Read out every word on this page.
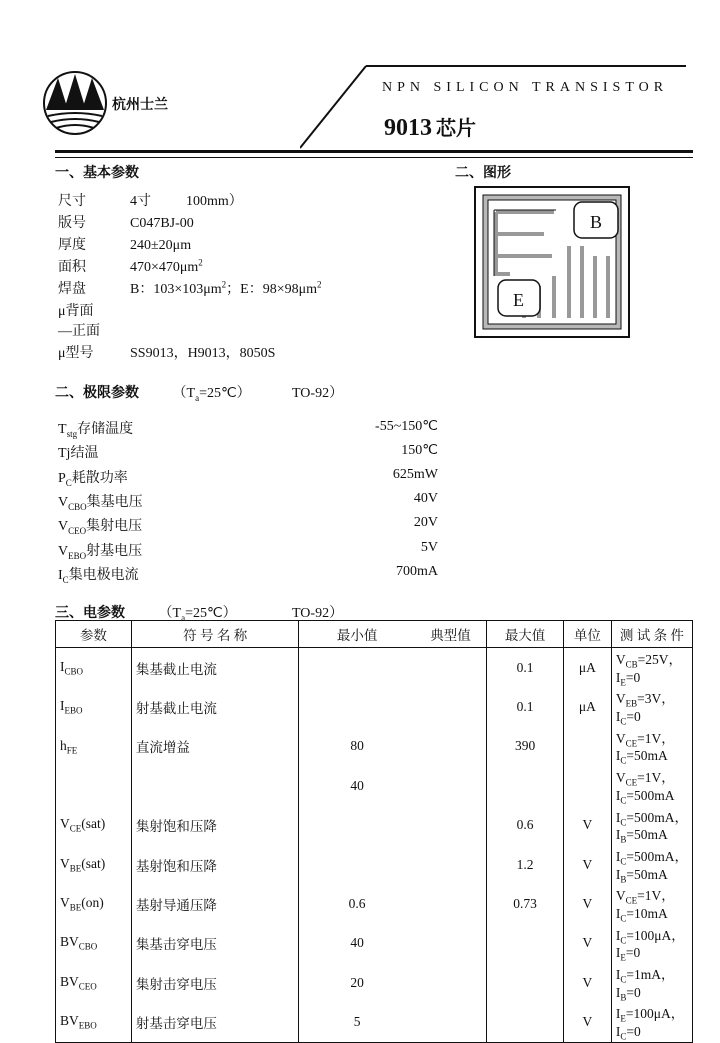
杭州士兰
NPN SILICON TRANSISTOR
9013 芯片
一、基本参数	二、图形
尺寸	4寸	100mm）
版号	C047BJ-00
厚度	240±20μm
面积	$470\times 470\mu m^2$
焊盘	B：$103\times 103\mu m^2$；E：$98\times 98\mu m^2$
μ背面
—正面
μ型号	SS9013，H9013，8050S
B
E
二、极限参数 $(T_a=25℃)$	TO-92）
$T_{stg}$存储温度	-55~150℃
Tj结温	150℃
$P_C$耗散功率	625mW
$V_{CBO}$集基电压	40V
$V_{CEO}$集射电压	20V
$V_{EBO}$射基电压	5V
$I_C$集电极电流	700mA
三、电参数 $(T_a=25℃)$	TO-92）
参数	符 号 名 称	最小值	典型值	最大值	单位	测 试 条 件
$I_{CBO}$	集基截止电流			0.1	μA	$V_{CB}=25V$，$I_E=0$
$I_{EBO}$	射基截止电流			0.1	μA	$V_{EB}=3V$，$I_C=0$
$h_{FE}$	直流增益	80		390		$V_{CE}=1V$，$I_C=50mA$
		40				$V_{CE}=1V$，$I_C=500mA$
$V_{CE}(sat)$	集射饱和压降			0.6	V	$I_C=500mA$，$I_B=50mA$
$V_{BE}(sat)$	基射饱和压降			1.2	V	$I_C=500mA$，$I_B=50mA$
$V_{BE}(on)$	基射导通压降	0.6		0.73	V	$V_{CE}=1V$，$I_C=10mA$
$BV_{CBO}$	集基击穿电压	40			V	$I_C=100\mu A$，$I_E=0$
$BV_{CEO}$	集射击穿电压	20			V	$I_C=1mA$，$I_B=0$
$BV_{EBO}$	射基击穿电压	5			V	$I_E=100\mu A$，$I_C=0$
